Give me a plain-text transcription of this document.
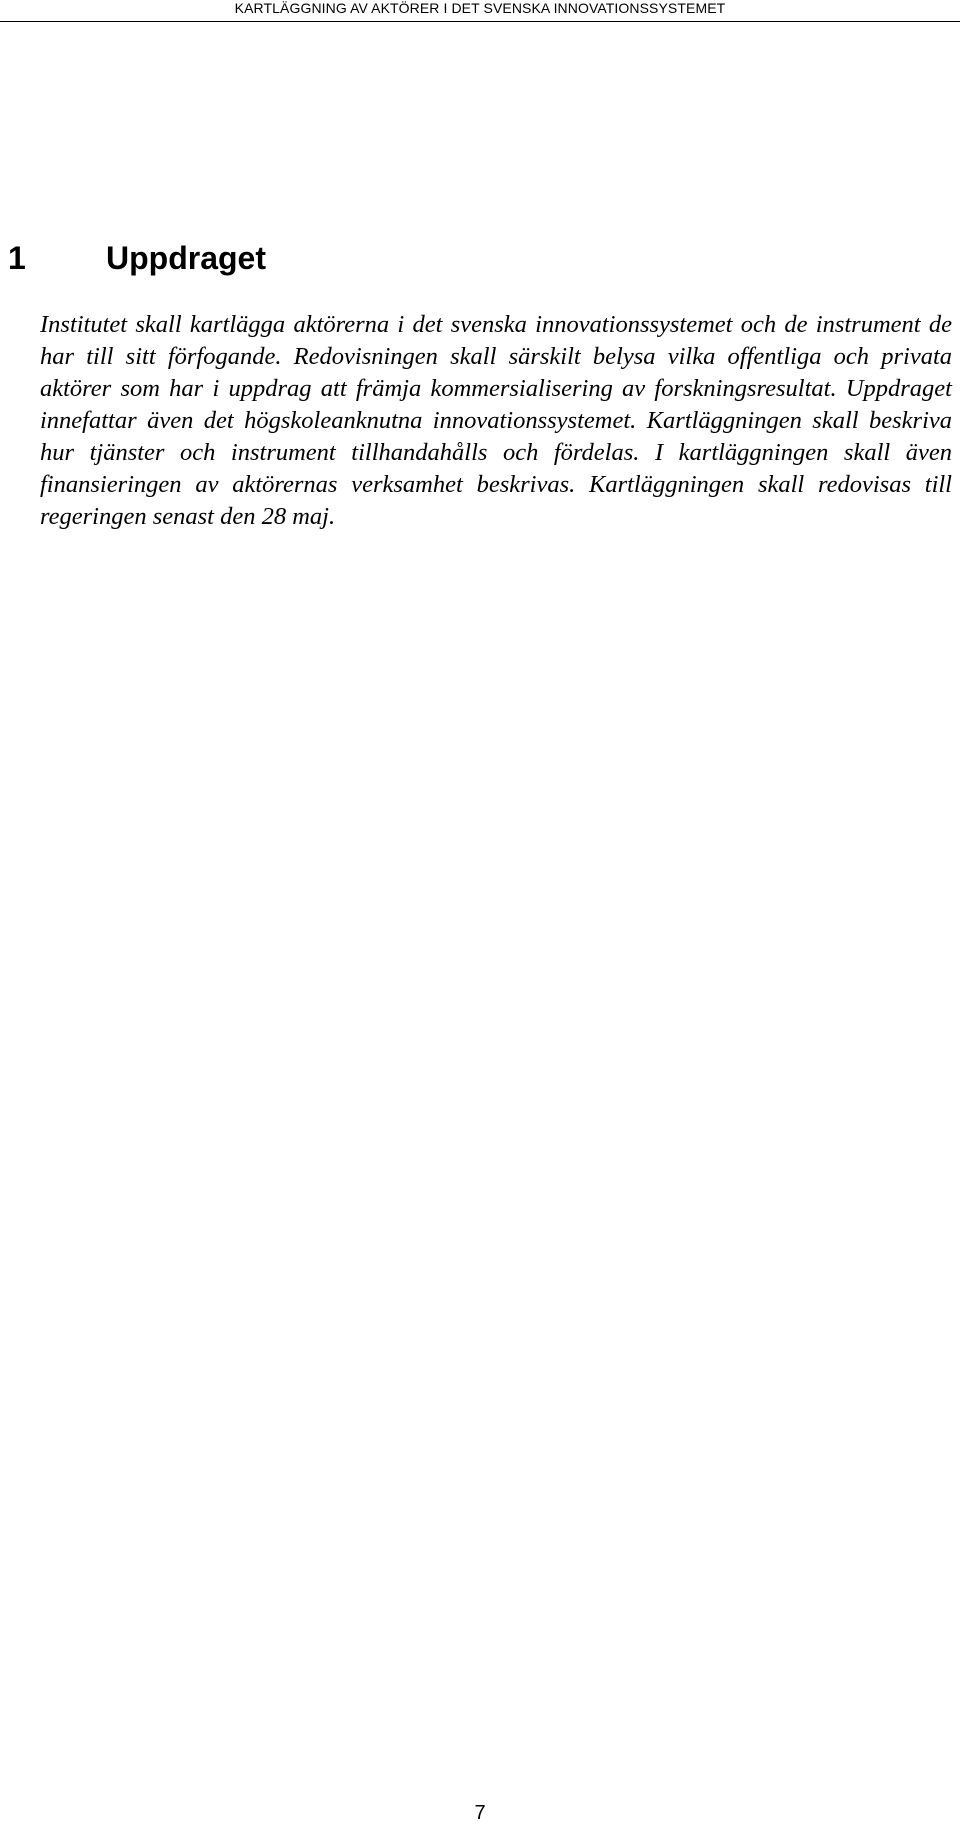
KARTLÄGGNING AV AKTÖRER I DET SVENSKA INNOVATIONSSYSTEMET
1	Uppdraget

Institutet skall kartlägga aktörerna i det svenska innovationssystemet och de instrument de har till sitt förfogande. Redovisningen skall särskilt belysa vilka offentliga och privata aktörer som har i uppdrag att främja kommersialisering av forskningsresultat. Uppdraget innefattar även det högskoleanknutna innovationssystemet. Kartläggningen skall beskriva hur tjänster och instrument tillhandahålls och fördelas. I kartläggningen skall även finansieringen av aktörernas verksamhet beskrivas. Kartläggningen skall redovisas till regeringen senast den 28 maj.

7
